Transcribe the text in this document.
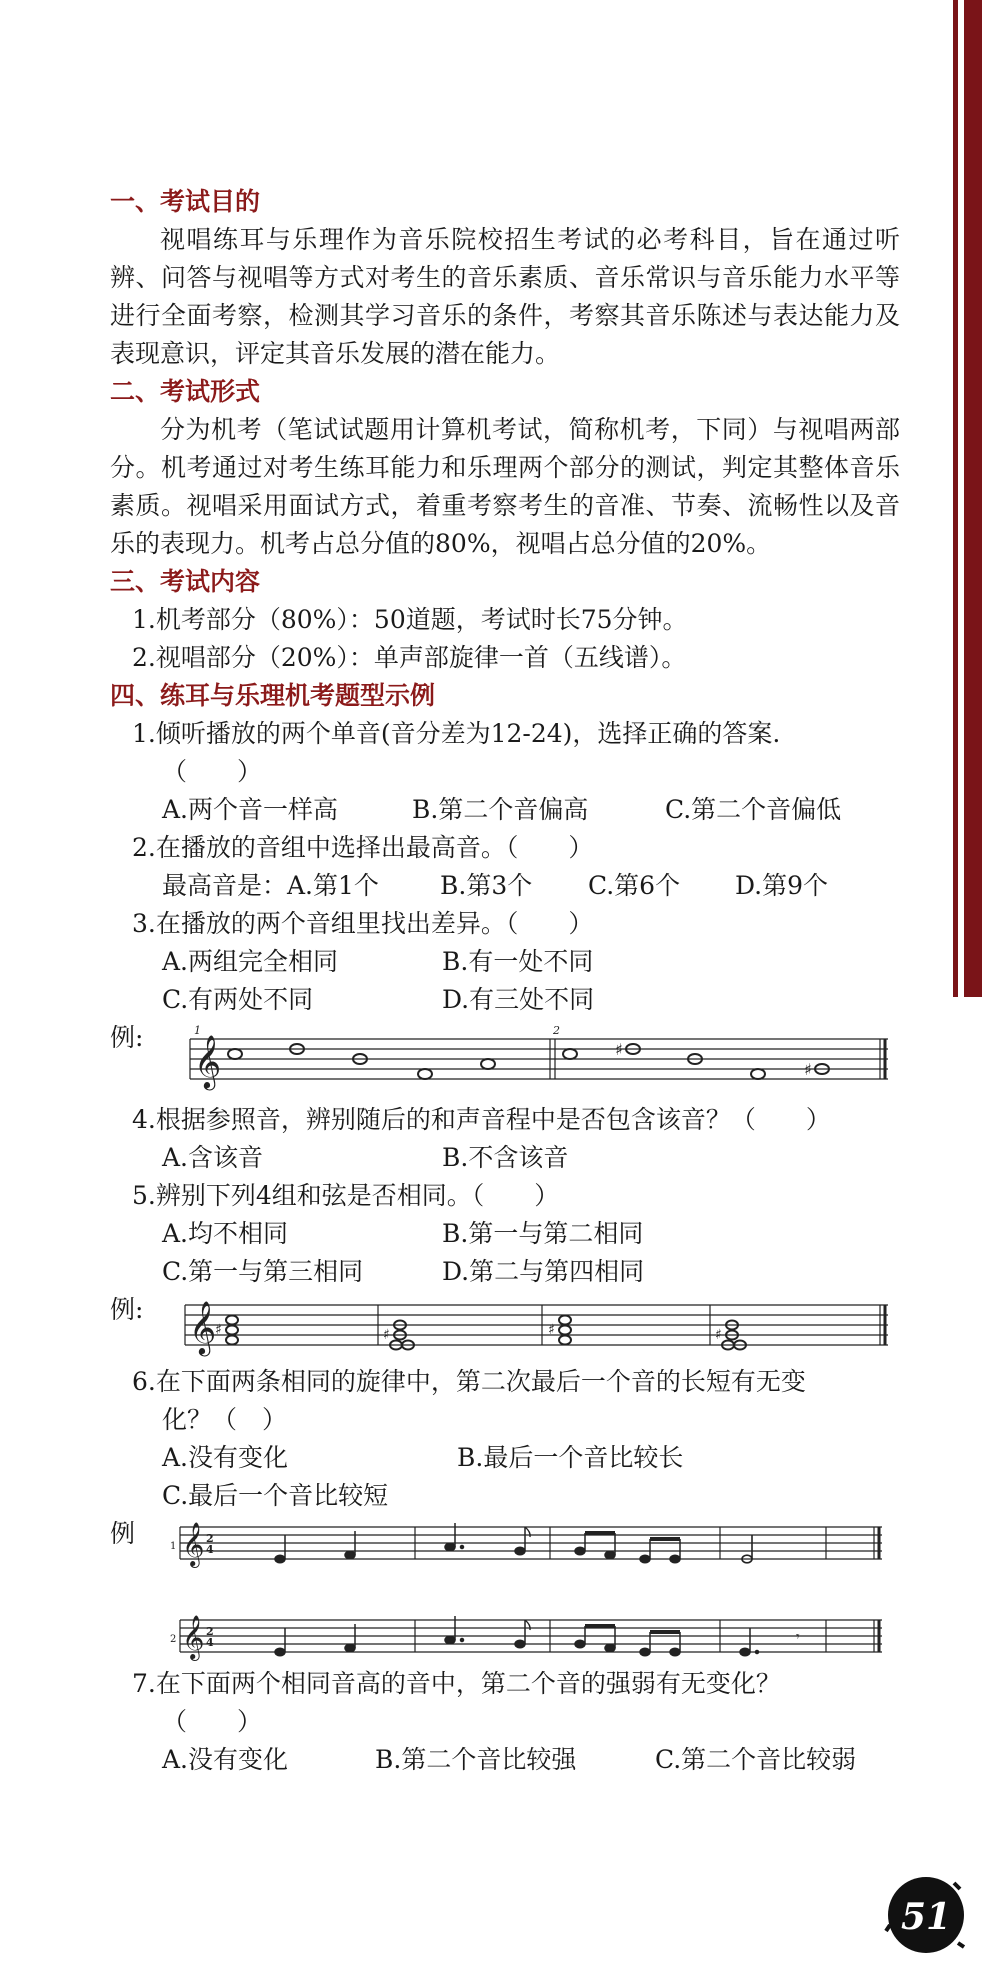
一、考试目的
视唱练耳与乐理作为音乐院校招生考试的必考科目，旨在通过听辨、问答与视唱等方式对考生的音乐素质、音乐常识与音乐能力水平等进行全面考察，检测其学习音乐的条件，考察其音乐陈述与表达能力及表现意识，评定其音乐发展的潜在能力。
二、考试形式
分为机考（笔试试题用计算机考试，简称机考，下同）与视唱两部分。机考通过对考生练耳能力和乐理两个部分的测试，判定其整体音乐素质。视唱采用面试方式，着重考察考生的音准、节奏、流畅性以及音乐的表现力。机考占总分值的80%，视唱占总分值的20%。
三、考试内容
1.机考部分（80%）：50道题，考试时长75分钟。
2.视唱部分（20%）：单声部旋律一首（五线谱）。
四、练耳与乐理机考题型示例
1.倾听播放的两个单音(音分差为12-24)，选择正确的答案.
（　　）
A.两个音一样高	B.第二个音偏高	C.第二个音偏低
2.在播放的音组中选择出最高音。（　　）
最高音是：A.第1个	B.第3个	C.第6个	D.第9个
3.在播放的两个音组里找出差异。（　　）
A.两组完全相同	B.有一处不同
C.有两处不同	D.有三处不同
例: 𝄞
1	2
♯
♯
4.根据参照音，辨别随后的和声音程中是否包含该音？（　　）
A.含该音	B.不含该音
5.辨别下列4组和弦是否相同。（　　）
A.均不相同	B.第一与第二相同
C.第一与第三相同	D.第二与第四相同
例: 𝄞
♯	♯	♯	♯
6.在下面两条相同的旋律中，第二次最后一个音的长短有无变
化？（　）
A.没有变化	B.最后一个音比较长
C.最后一个音比较短
例	1
2
𝄞
𝄞
2
4
2
4	𝄾
7.在下面两个相同音高的音中，第二个音的强弱有无变化？
（　　）
A.没有变化	B.第二个音比较强	C.第二个音比较弱
51
